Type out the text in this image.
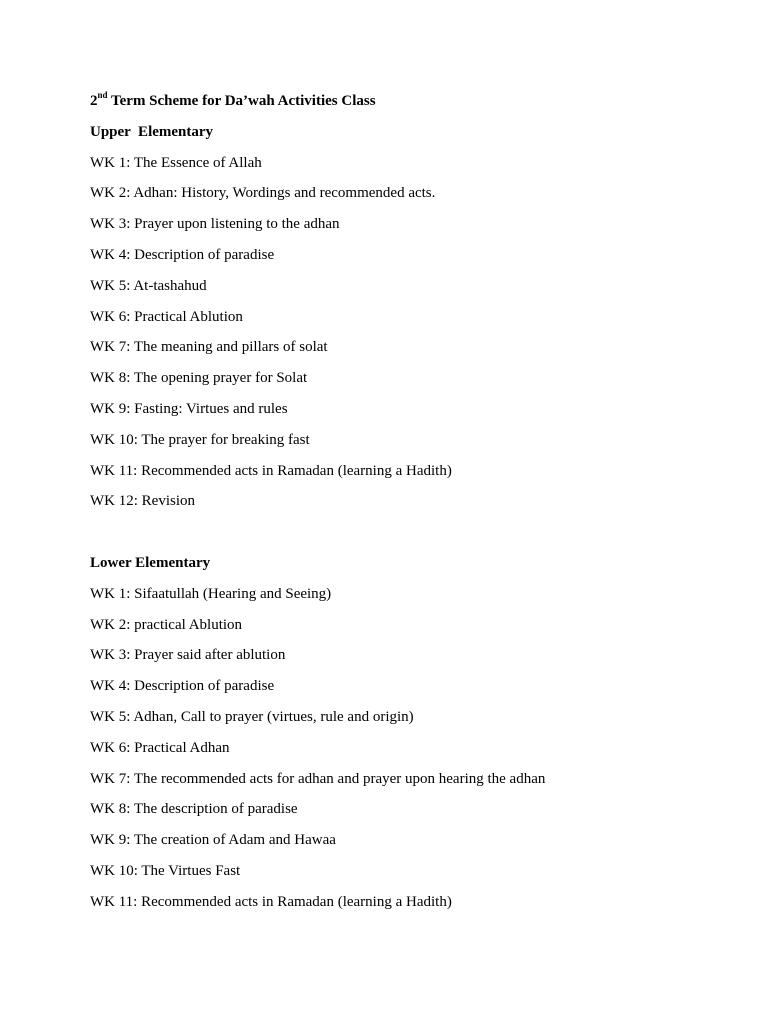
2nd Term Scheme for Da’wah Activities Class
Upper  Elementary
WK 1: The Essence of Allah
WK 2: Adhan: History, Wordings and recommended acts.
WK 3: Prayer upon listening to the adhan
WK 4: Description of paradise
WK 5: At-tashahud
WK 6: Practical Ablution
WK 7: The meaning and pillars of solat
WK 8: The opening prayer for Solat
WK 9: Fasting: Virtues and rules
WK 10: The prayer for breaking fast
WK 11: Recommended acts in Ramadan (learning a Hadith)
WK 12: Revision
Lower Elementary
WK 1: Sifaatullah (Hearing and Seeing)
WK 2: practical Ablution
WK 3: Prayer said after ablution
WK 4: Description of paradise
WK 5: Adhan, Call to prayer (virtues, rule and origin)
WK 6: Practical Adhan
WK 7: The recommended acts for adhan and prayer upon hearing the adhan
WK 8: The description of paradise
WK 9: The creation of Adam and Hawaa
WK 10: The Virtues Fast
WK 11: Recommended acts in Ramadan (learning a Hadith)
